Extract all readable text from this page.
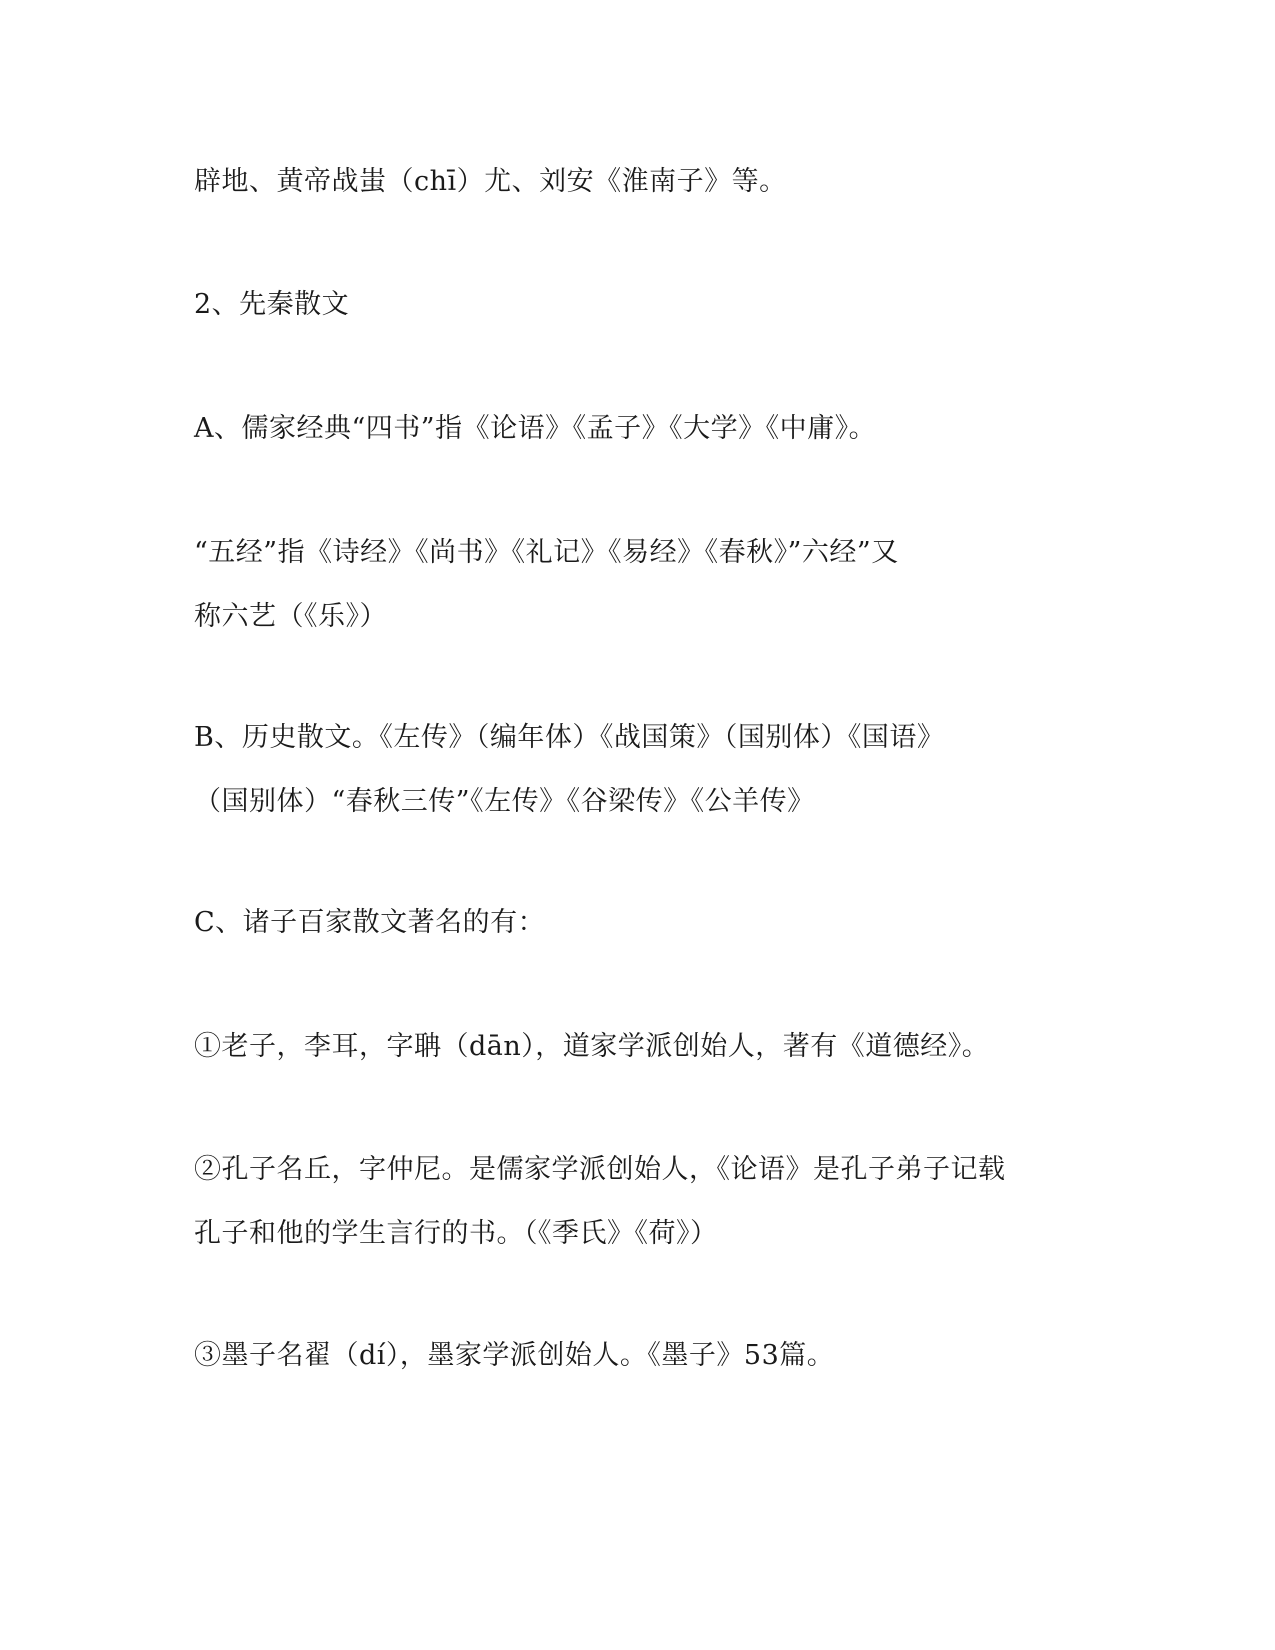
辟地、黄帝战蚩（chī）尤、刘安《淮南子》等。
2、先秦散文
A、儒家经典“四书”指《论语》《孟子》《大学》《中庸》。
“五经”指《诗经》《尚书》《礼记》《易经》《春秋》”六经”又
称六艺（《乐》）
B、历史散文。《左传》（编年体）《战国策》（国别体）《国语》
（国别体）“春秋三传”《左传》《谷梁传》《公羊传》
C、诸子百家散文著名的有：
①老子，李耳，字聃（dān），道家学派创始人，著有《道德经》。
②孔子名丘，字仲尼。是儒家学派创始人，《论语》是孔子弟子记载
孔子和他的学生言行的书。（《季氏》《荷》）
③墨子名翟（dí），墨家学派创始人。《墨子》53篇。
